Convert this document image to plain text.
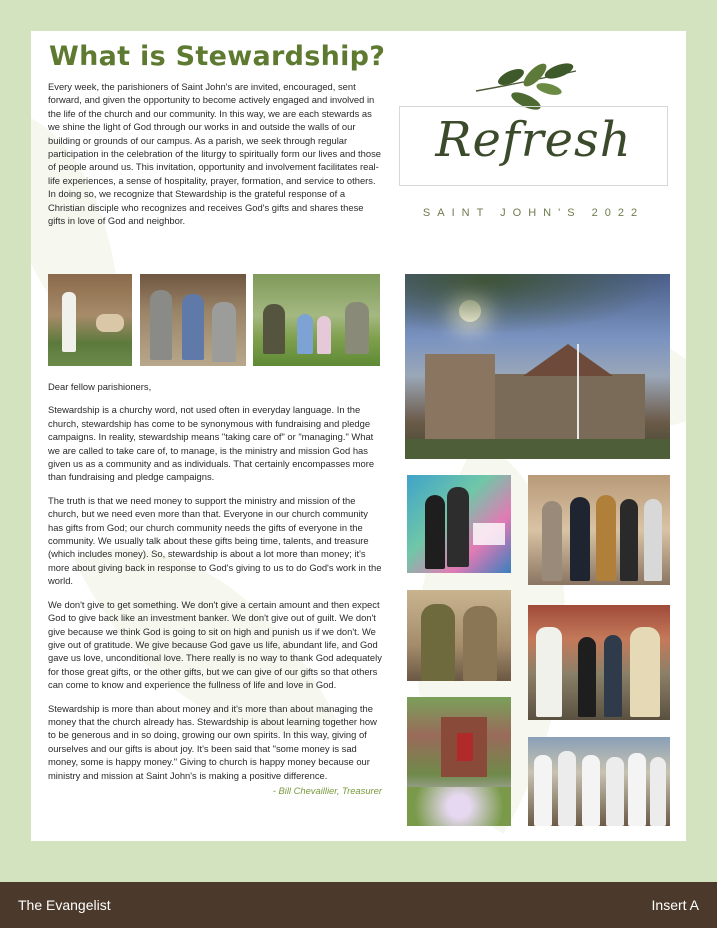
What is Stewardship?

Every week, the parishioners of Saint John's are invited, encouraged, sent forward, and given the opportunity to become actively engaged and involved in the life of the church and our community. In this way, we are each stewards as we shine the light of God through our works in and outside the walls of our building or grounds of our campus. As a parish, we seek through regular participation in the celebration of the liturgy to spiritually form our lives and those of people around us. This invitation, opportunity and involvement facilitates real-life experiences, a sense of hospitality, prayer, formation, and service to others. In doing so, we recognize that Stewardship is the grateful response of a Christian disciple who recognizes and receives God's gifts and shares these gifts in love of God and neighbor.

Refresh
SAINT JOHN'S 2022

Dear fellow parishioners,

Stewardship is a churchy word, not used often in everyday language. In the church, stewardship has come to be synonymous with fundraising and pledge campaigns. In reality, stewardship means "taking care of" or "managing." What we are called to take care of, to manage, is the ministry and mission God has given us as a community and as individuals. That certainly encompasses more than fundraising and pledge campaigns.

The truth is that we need money to support the ministry and mission of the church, but we need even more than that. Everyone in our church community has gifts from God; our church community needs the gifts of everyone in the community. We usually talk about these gifts being time, talents, and treasure (which includes money). So, stewardship is about a lot more than money; it's more about giving back in response to God's giving to us to do God's work in the world.

We don't give to get something. We don't give a certain amount and then expect God to give back like an investment banker. We don't give out of guilt. We don't give because we think God is going to sit on high and punish us if we don't. We give out of gratitude. We give because God gave us life, abundant life, and God gave us love, unconditional love. There really is no way to thank God adequately for those great gifts, or the other gifts, but we can give of our gifts so that others can come to know and experience the fullness of life and love in God.

Stewardship is more than about money and it's more than about managing the money that the church already has. Stewardship is about learning together how to be generous and in so doing, growing our own spirits. In this way, giving of ourselves and our gifts is about joy. It's been said that "some money is sad money, some is happy money." Giving to church is happy money because our ministry and mission at Saint John's is making a positive difference.

- Bill Chevaillier, Treasurer
The Evangelist	Insert A
